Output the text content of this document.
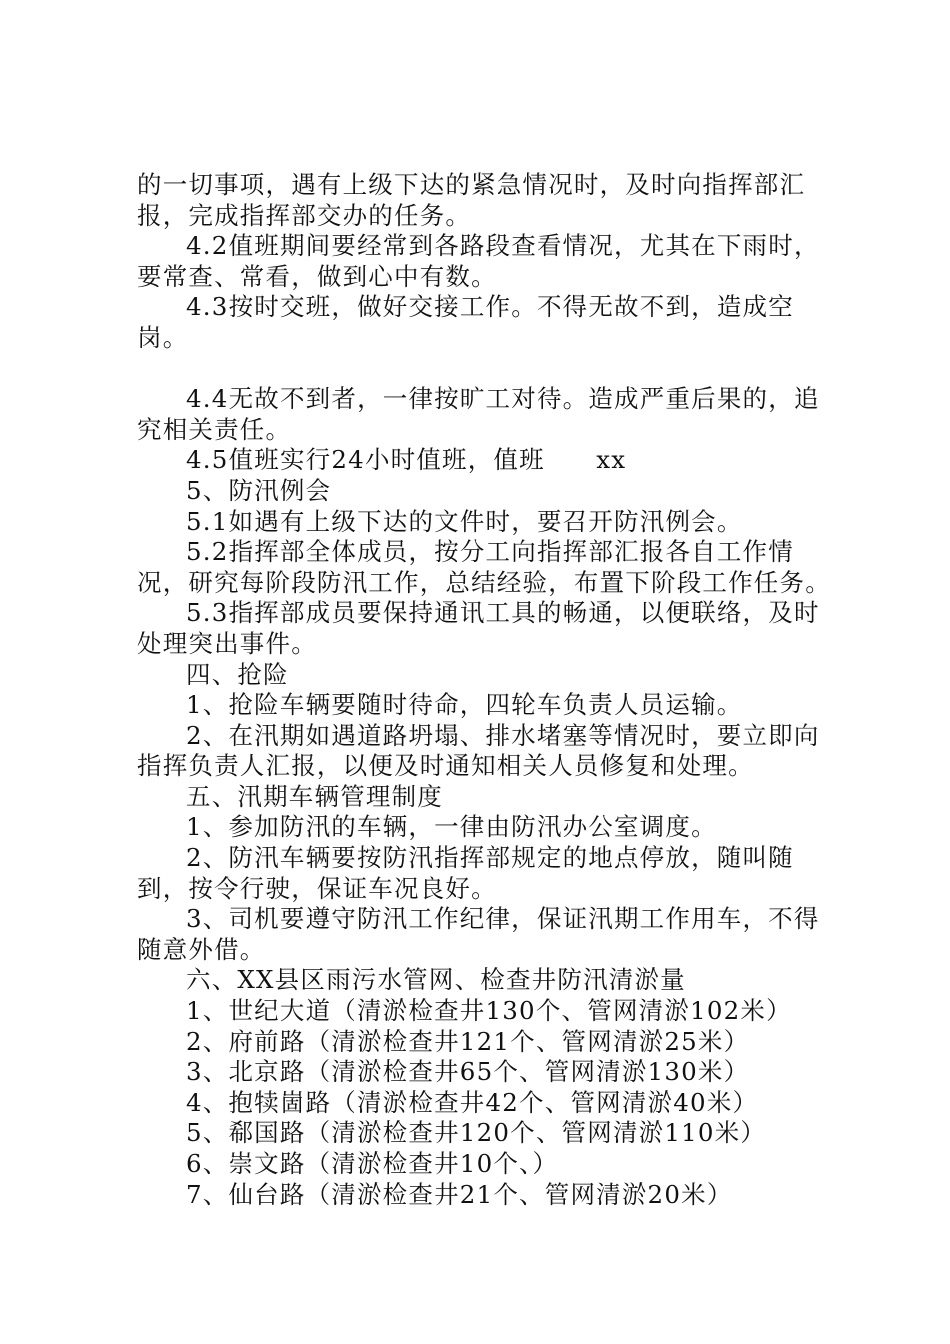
的一切事项，遇有上级下达的紧急情况时，及时向指挥部汇报，完成指挥部交办的任务。

4.2值班期间要经常到各路段查看情况，尤其在下雨时，要常查、常看，做到心中有数。

4.3按时交班，做好交接工作。不得无故不到，造成空岗。

4.4无故不到者，一律按旷工对待。造成严重后果的，追究相关责任。

4.5值班实行24小时值班，值班　　xx

5、防汛例会

5.1如遇有上级下达的文件时，要召开防汛例会。

5.2指挥部全体成员，按分工向指挥部汇报各自工作情况，研究每阶段防汛工作，总结经验，布置下阶段工作任务。

5.3指挥部成员要保持通讯工具的畅通，以便联络，及时处理突出事件。

四、抢险

1、抢险车辆要随时待命，四轮车负责人员运输。

2、在汛期如遇道路坍塌、排水堵塞等情况时，要立即向指挥负责人汇报，以便及时通知相关人员修复和处理。

五、汛期车辆管理制度

1、参加防汛的车辆，一律由防汛办公室调度。

2、防汛车辆要按防汛指挥部规定的地点停放，随叫随到，按令行驶，保证车况良好。

3、司机要遵守防汛工作纪律，保证汛期工作用车，不得随意外借。

六、XX县区雨污水管网、检查井防汛清淤量

1、世纪大道（清淤检查井130个、管网清淤102米）

2、府前路（清淤检查井121个、管网清淤25米）

3、北京路（清淤检查井65个、管网清淤130米）

4、抱犊崮路（清淤检查井42个、管网清淤40米）

5、郗国路（清淤检查井120个、管网清淤110米）

6、崇文路（清淤检查井10个、）

7、仙台路（清淤检查井21个、管网清淤20米）
